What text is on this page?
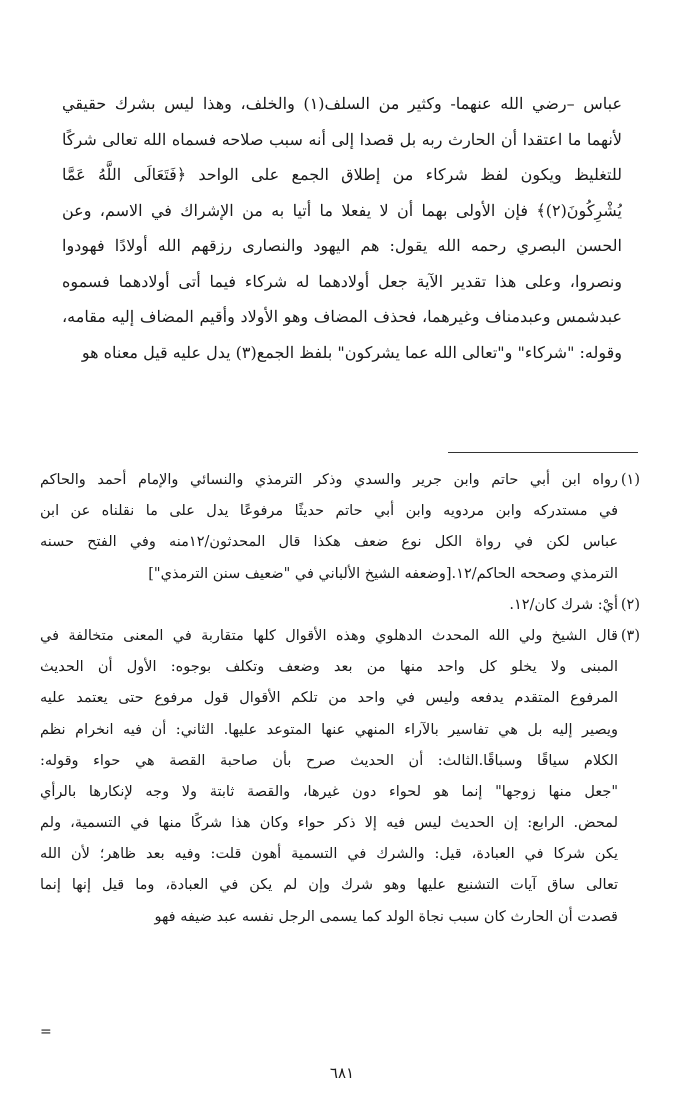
عباس –رضي الله عنهما- وكثير من السلف(١) والخلف، وهذا ليس بشرك حقيقي
لأنهما ما اعتقدا أن الحارث ربه بل قصدا إلى أنه سبب صلاحه فسماه الله تعالى شركًا
للتغليظ ويكون لفظ شركاء من إطلاق الجمع على الواحد ﴿فَتَعَالَى اللَّهُ عَمَّا
يُشْرِكُونَ(٢)﴾ فإن الأولى بهما أن لا يفعلا ما أتيا به من الإشراك في الاسم، وعن
الحسن البصري رحمه الله يقول: هم اليهود والنصارى رزقهم الله أولادًا فهودوا
ونصروا، وعلى هذا تقدير الآية جعل أولادهما له شركاء فيما أتى أولادهما فسموه
عبدشمس وعبدمناف وغيرهما، فحذف المضاف وهو الأولاد وأقيم المضاف إليه مقامه،
وقوله: "شركاء" و"تعالى الله عما يشركون" بلفظ الجمع(٣) يدل عليه قيل معناه هو
(١)
رواه ابن أبي حاتم وابن جرير والسدي وذكر الترمذي والنسائي والإمام أحمد والحاكم
في مستدركه وابن مردويه وابن أبي حاتم حديثًا مرفوعًا يدل على ما نقلناه عن ابن
عباس لكن في رواة الكل نوع ضعف هكذا قال المحدثون/١٢منه وفي الفتح حسنه
الترمذي وصححه الحاكم/١٢.[وضعفه الشيخ الألباني في "ضعيف سنن الترمذي"]
(٢)
أيْ: شرك كان/١٢.
(٣)
قال الشيخ ولي الله المحدث الدهلوي وهذه الأقوال كلها متقاربة في المعنى متخالفة في
المبنى ولا يخلو كل واحد منها من بعد وضعف وتكلف بوجوه: الأول أن الحديث
المرفوع المتقدم يدفعه وليس في واحد من تلكم الأقوال قول مرفوع حتى يعتمد عليه
ويصير إليه بل هي تفاسير بالآراء المنهي عنها المتوعد عليها. الثاني: أن فيه انخرام نظم
الكلام سياقًا وسباقًا.الثالث: أن الحديث صرح بأن صاحبة القصة هي حواء وقوله:
"جعل منها زوجها" إنما هو لحواء دون غيرها، والقصة ثابتة ولا وجه لإنكارها بالرأي
لمحض. الرابع: إن الحديث ليس فيه إلا ذكر حواء وكان هذا شركًا منها في التسمية، ولم
يكن شركا في العبادة، قيل: والشرك في التسمية أهون قلت: وفيه بعد ظاهر؛ لأن الله
تعالى ساق آيات التشنيع عليها وهو شرك وإن لم يكن في العبادة، وما قيل إنها إنما
قصدت أن الحارث كان سبب نجاة الولد كما يسمى الرجل نفسه عبد ضيفه فهو
=
٦٨١
